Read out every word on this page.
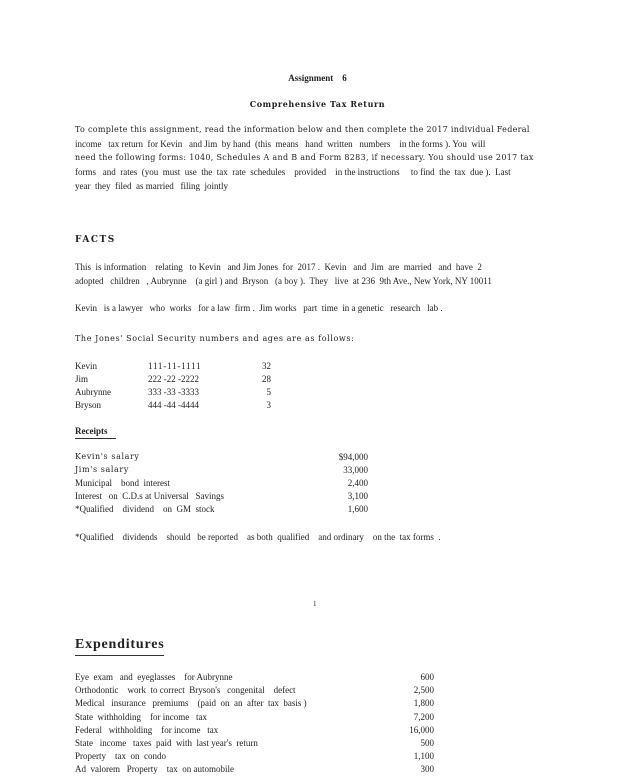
Assignment    6
Comprehensive Tax Return
To complete this assignment, read the information below and then complete the 2017 individual Federal
income   tax return  for Kevin   and Jim  by hand  (this  means   hand  written   numbers    in the forms ). You  will
need the following forms: 1040, Schedules A and B and Form 8283, if necessary. You should use 2017 tax
forms   and  rates  (you  must  use  the  tax  rate  schedules    provided    in the instructions     to find  the  tax  due ).  Last
year  they  filed  as married   filing  jointly
FACTS
This  is information    relating   to Kevin   and Jim Jones  for  2017 .  Kevin   and  Jim  are  married   and  have  2
adopted   children   , Aubrynne    (a girl ) and  Bryson   (a boy ).  They   live  at 236  9th Ave., New York, NY 10011
Kevin   is a lawyer   who  works   for a law  firm .  Jim works   part  time  in a genetic   research   lab .
The Jones' Social Security numbers and ages are as follows:
Kevin	111-11-1111	32
Jim	222 -22 -2222	28
Aubrynne	333 -33 -3333	5
Bryson	444 -44 -4444	3
Receipts
Kevin's salary	$94,000
Jim's salary	33,000
Municipal    bond  interest	2,400
Interest   on  C.D.s at Universal   Savings	3,100
*Qualified    dividend    on  GM  stock	1,600
*Qualified    dividends    should   be reported    as both  qualified    and ordinary    on the  tax forms  .
1
Expenditures
Eye  exam   and  eyeglasses    for Aubrynne	600
Orthodontic    work  to correct  Bryson's   congenital    defect	2,500
Medical   insurance   premiums    (paid  on  an  after  tax  basis )	1,800
State  withholding    for income   tax	7,200
Federal   withholding    for income   tax	16,000
State   income   taxes  paid  with  last year's  return	500
Property    tax  on  condo	1,100
Ad  valorem   Property    tax  on automobile	300
